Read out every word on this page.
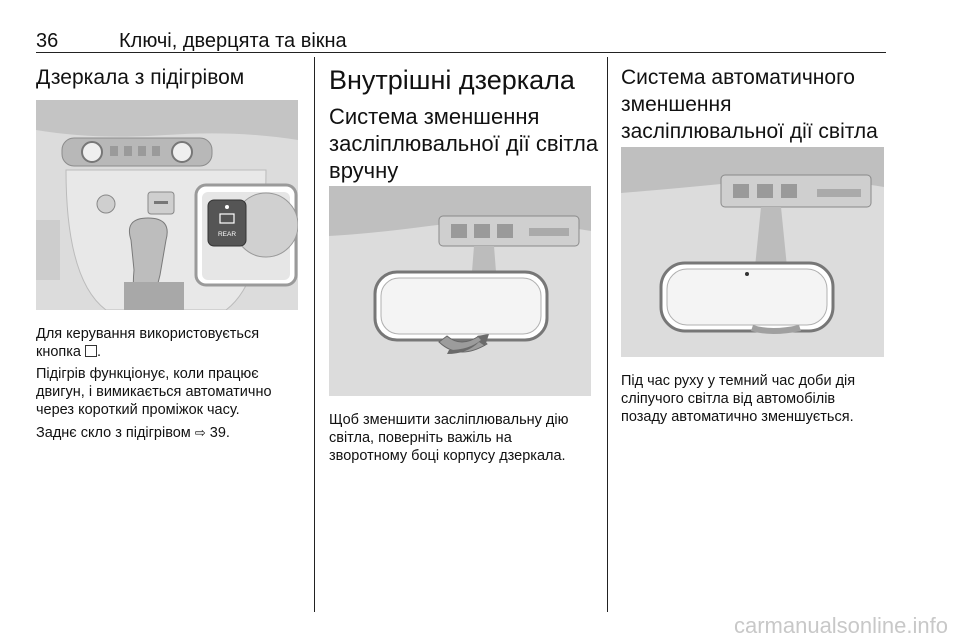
36	Ключі, дверцята та вікна
Дзеркала з підігрівом
REAR
Для керування використовується
кнопка .
Підігрів функціонує, коли працює
двигун, і вимикається автоматично
через короткий проміжок часу.
Заднє скло з підігрівом ⇨ 39.
Внутрішні дзеркала
Система зменшення
засліплювальної дії світла
вручну
Щоб зменшити засліплювальну дію
світла, поверніть важіль на
зворотному боці корпусу дзеркала.
Система автоматичного
зменшення
засліплювальної дії світла
Під час руху у темний час доби дія
сліпучого світла від автомобілів
позаду автоматично зменшується.
carmanualsonline.info
